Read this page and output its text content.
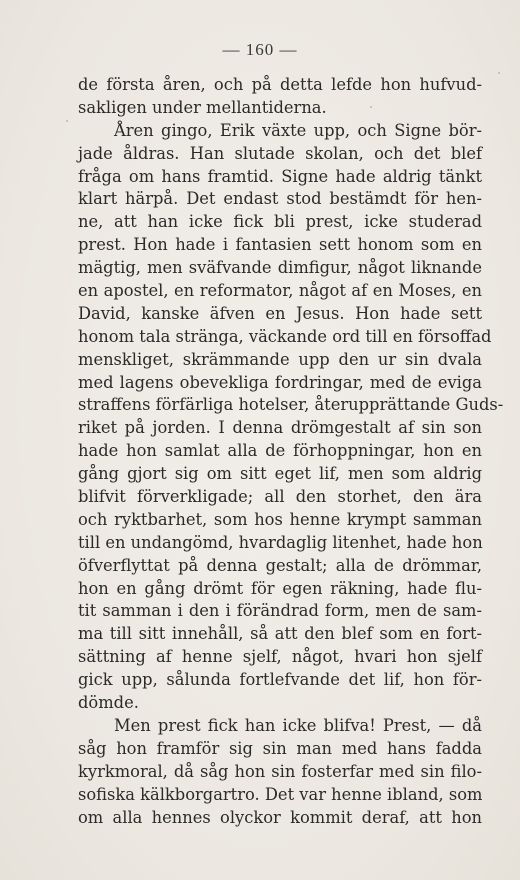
— 160 —
de första åren, och på detta lefde hon hufvud-
sakligen under mellantiderna.
Åren gingo, Erik växte upp, och Signe bör-
jade åldras. Han slutade skolan, och det blef
fråga om hans framtid. Signe hade aldrig tänkt
klart härpå. Det endast stod bestämdt för hen-
ne, att han icke fick bli prest, icke studerad
prest. Hon hade i fantasien sett honom som en
mägtig, men sväfvande dimfigur, något liknande
en apostel, en reformator, något af en Moses, en
David, kanske äfven en Jesus. Hon hade sett
honom tala stränga, väckande ord till en försoffad
menskliget, skrämmande upp den ur sin dvala
med lagens obevekliga fordringar, med de eviga
straffens förfärliga hotelser, återupprättande Guds-
riket på jorden. I denna drömgestalt af sin son
hade hon samlat alla de förhoppningar, hon en
gång gjort sig om sitt eget lif, men som aldrig
blifvit förverkligade; all den storhet, den ära
och ryktbarhet, som hos henne krympt samman
till en undangömd, hvardaglig litenhet, hade hon
öfverflyttat på denna gestalt; alla de drömmar,
hon en gång drömt för egen räkning, hade flu-
tit samman i den i förändrad form, men de sam-
ma till sitt innehåll, så att den blef som en fort-
sättning af henne sjelf, något, hvari hon sjelf
gick upp, sålunda fortlefvande det lif, hon för-
dömde.
Men prest fick han icke blifva! Prest, — då
såg hon framför sig sin man med hans fadda
kyrkmoral, då såg hon sin fosterfar med sin filo-
sofiska kälkborgartro. Det var henne ibland, som
om alla hennes olyckor kommit deraf, att hon
